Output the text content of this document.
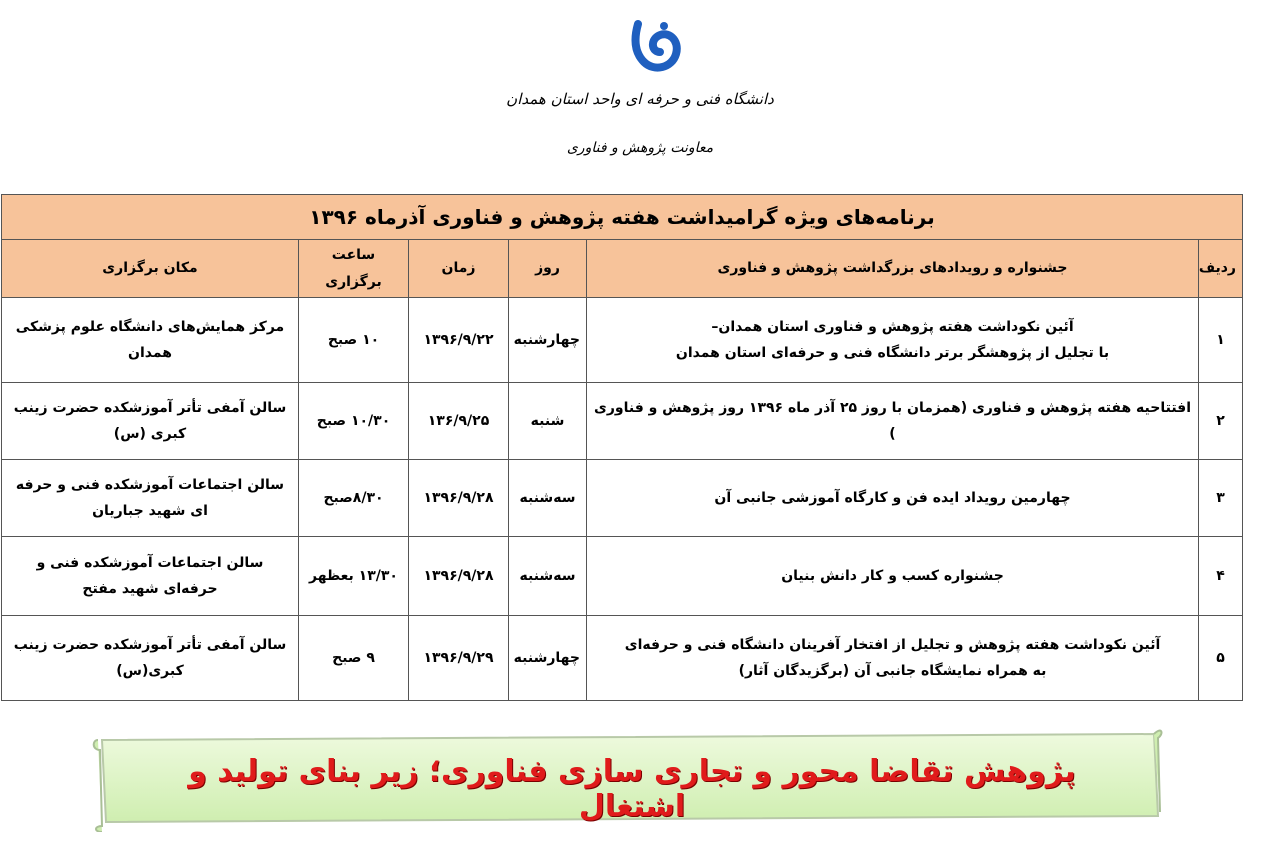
دانشگاه فنی و حرفه ای واحد استان همدان
معاونت پژوهش و فناوری
برنامه‌های ویژه گرامیداشت هفته پژوهش و فناوری آذرماه ۱۳۹۶					
ردیف	جشنواره و رویدادهای بزرگداشت پژوهش و فناوری	روز	زمان	ساعت برگزاری	مکان برگزاری
۱	آئین نکوداشت هفته پژوهش و فناوری استان همدان–
با تجلیل از پژوهشگر برتر دانشگاه فنی و حرفه‌ای استان همدان	چهارشنبه	۱۳۹۶/۹/۲۲	۱۰ صبح	مرکز همایش‌های دانشگاه علوم پزشکی همدان
۲	افتتاحیه هفته پژوهش و فناوری (همزمان با روز ۲۵ آذر ماه ۱۳۹۶ روز پژوهش و فناوری )	شنبه	۱۳۶/۹/۲۵	۱۰/۳۰ صبح	سالن آمفی تأتر آموزشکده حضرت زینب کبری (س)
۳	چهارمین رویداد ایده فن و کارگاه آموزشی جانبی آن	سه‌شنبه	۱۳۹۶/۹/۲۸	۸/۳۰صبح	سالن اجتماعات آموزشکده فنی و حرفه ای شهید جباریان
۴	جشنواره کسب و کار دانش بنیان	سه‌شنبه	۱۳۹۶/۹/۲۸	۱۳/۳۰ بعظهر	سالن اجتماعات آموزشکده فنی و حرفه‌ای شهید مفتح
۵	آئین نکوداشت هفته پژوهش و تجلیل از افتخار آفرینان دانشگاه فنی و حرفه‌ای
به همراه نمایشگاه جانبی آن (برگزیدگان آثار)	چهارشنبه	۱۳۹۶/۹/۲۹	۹ صبح	سالن آمفی تأتر آموزشکده حضرت زینب کبری(س)
پژوهش تقاضا محور و تجاری سازی فناوری؛ زیر بنای تولید و اشتغال
